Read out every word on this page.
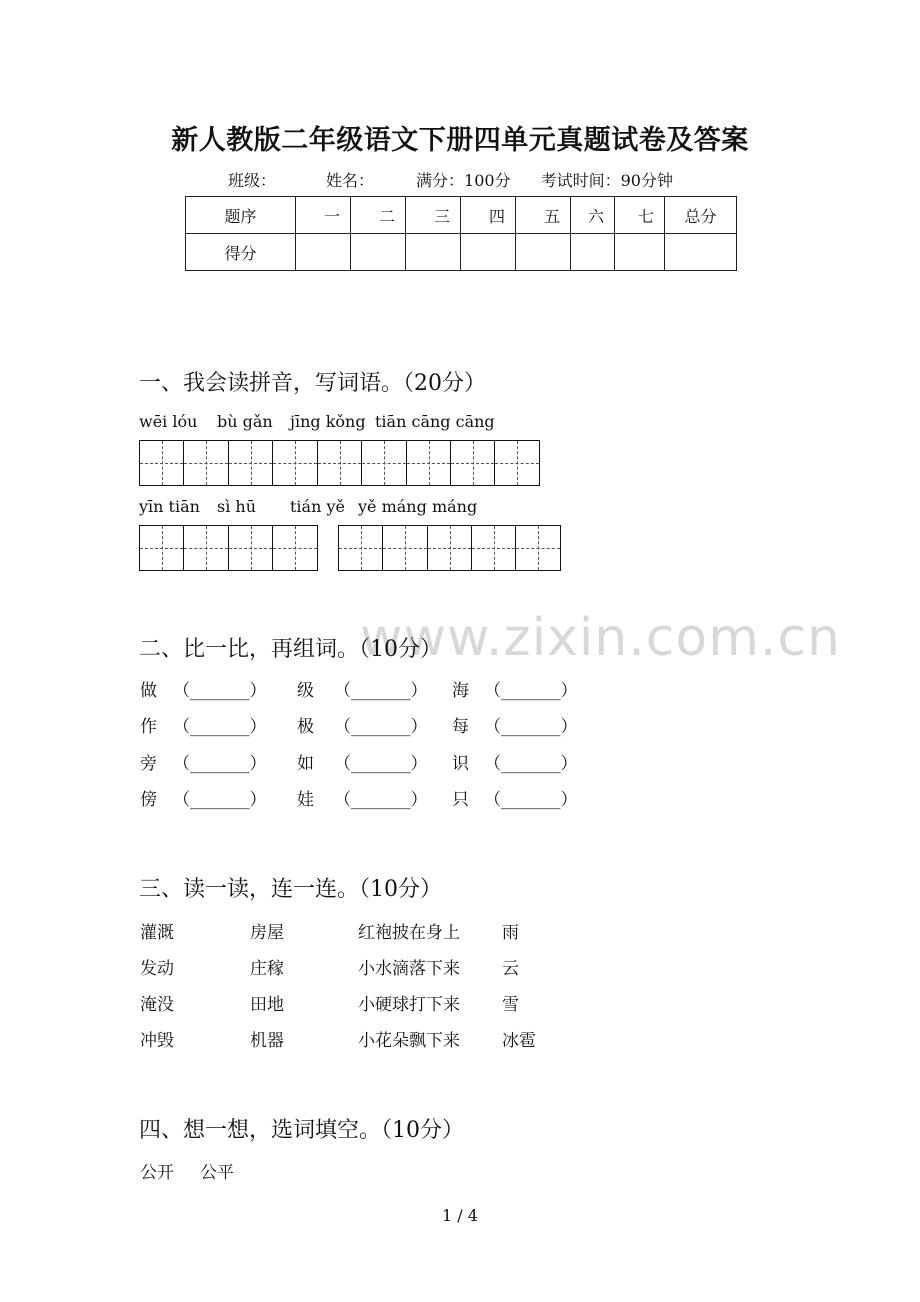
新人教版二年级语文下册四单元真题试卷及答案
班级：	姓名：	满分：100分 考试时间：90分钟
题序	一	二	三	四	五	六	七	总分
得分								
一、我会读拼音，写词语。（20分）
wēi lóu bù gǎn jīng kǒng tiān cāng cāng
yīn tiān sì hū tián yě yě máng máng
www.zixin.com.cn
二、比一比，再组词。（10分）
做 （_______） 级 （_______） 海 （_______）
作 （_______） 极 （_______） 每 （_______）
旁 （_______） 如 （_______） 识 （_______）
傍 （_______） 娃 （_______） 只 （_______）
三、读一读，连一连。（10分）
灌溉	房屋	红袍披在身上 雨
发动	庄稼	小水滴落下来 云
淹没	田地	小硬球打下来 雪
冲毁	机器	小花朵飘下来 冰雹
四、想一想，选词填空。（10分）
公开 公平
1 / 4
